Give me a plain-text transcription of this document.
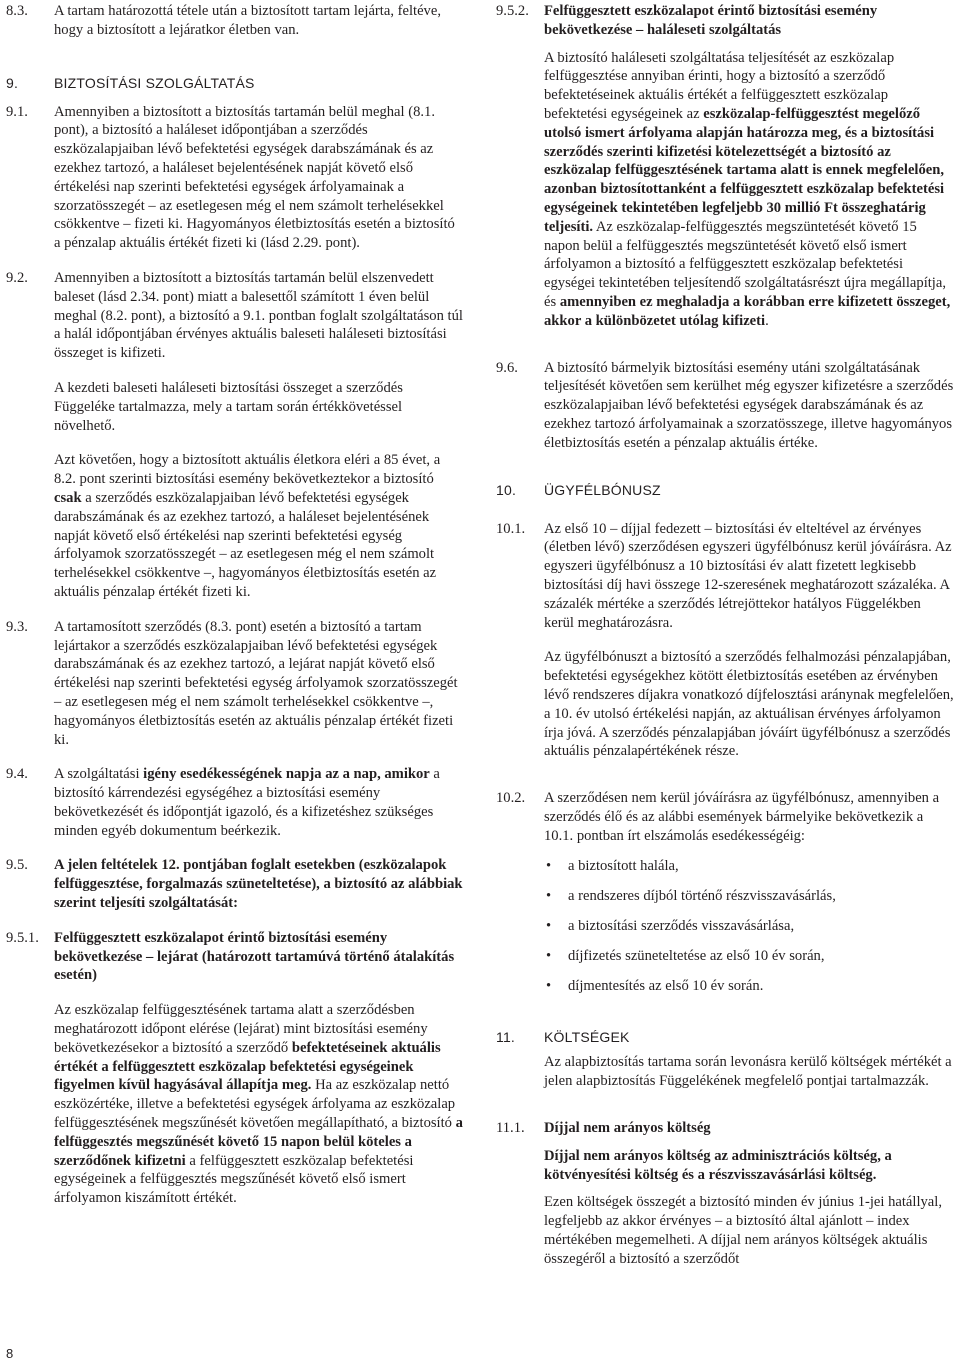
8.3. A tartam határozottá tétele után a biztosított tartam lejárta, feltéve, hogy a biztosított a lejáratkor életben van.

9.	BIZTOSÍTÁSI SZOLGÁLTATÁS
9.1. Amennyiben a biztosított a biztosítás tartamán belül meghal (8.1. pont), a biztosító a haláleset időpontjában a szerződés eszközalapjaiban lévő befektetési egységek darabszámának és az ezekhez tartozó, a haláleset bejelentésének napját követő első értékelési nap szerinti befektetési egységek árfolyamainak a szorzatösszegét – az esetlegesen még el nem számolt terhelésekkel csökkentve – fizeti ki. Hagyományos életbiztosítás esetén a biztosító a pénzalap aktuális értékét fizeti ki (lásd 2.29. pont).

9.2. Amennyiben a biztosított a biztosítás tartamán belül elszenvedett baleset (lásd 2.34. pont) miatt a balesettől számított 1 éven belül meghal (8.2. pont), a biztosító a 9.1. pontban foglalt szolgáltatáson túl a halál időpontjában érvényes aktuális baleseti haláleseti biztosítási összeget is kifizeti.

A kezdeti baleseti haláleseti biztosítási összeget a szerződés Függeléke tartalmazza, mely a tartam során értékkövetéssel növelhető.

Azt követően, hogy a biztosított aktuális életkora eléri a 85 évet, a 8.2. pont szerinti biztosítási esemény bekövetkeztekor a biztosító csak a szerződés eszközalapjaiban lévő befektetési egységek darabszámának és az ezekhez tartozó, a haláleset bejelentésének napját követő első értékelési nap szerinti befektetési egység árfolyamok szorzatösszegét – az esetlegesen még el nem számolt terhelésekkel csökkentve –, hagyományos életbiztosítás esetén az aktuális pénzalap értékét fizeti ki.

9.3. A tartamosított szerződés (8.3. pont) esetén a biztosító a tartam lejártakor a szerződés eszközalapjaiban lévő befektetési egységek darabszámának és az ezekhez tartozó, a lejárat napját követő első értékelési nap szerinti befektetési egység árfolyamok szorzatösszegét – az esetlegesen még el nem számolt terhelésekkel csökkentve –, hagyományos életbiztosítás esetén az aktuális pénzalap értékét fizeti ki.

9.4. A szolgáltatási igény esedékességének napja az a nap, amikor a biztosító kárrendezési egységéhez a biztosítási esemény bekövetkezését és időpontját igazoló, és a kifizetéshez szükséges minden egyéb dokumentum beérkezik.

9.5. A jelen feltételek 12. pontjában foglalt esetekben (eszközalapok felfüggesztése, forgalmazás szüneteltetése), a biztosító az alábbiak szerint teljesíti szolgáltatását:

9.5.1. Felfüggesztett eszközalapot érintő biztosítási esemény bekövetkezése – lejárat (határozott tartamúvá történő átalakítás esetén)

Az eszközalap felfüggesztésének tartama alatt a szerződésben meghatározott időpont elérése (lejárat) mint biztosítási esemény bekövetkezésekor a biztosító a szerződő befektetéseinek aktuális értékét a felfüggesztett eszközalap befektetési egységeinek figyelmen kívül hagyásával állapítja meg. Ha az eszközalap nettó eszközértéke, illetve a befektetési egységek árfolyama az eszközalap felfüggesztésének megszűnését követően megállapítható, a biztosító a felfüggesztés megszűnését követő 15 napon belül köteles a szerződőnek kifizetni a felfüggesztett eszközalap befektetési egységeinek a felfüggesztés megszűnését követő első ismert árfolyamon kiszámított értékét.

9.5.2. Felfüggesztett eszközalapot érintő biztosítási esemény bekövetkezése – haláleseti szolgáltatás

A biztosító haláleseti szolgáltatása teljesítését az eszközalap felfüggesztése annyiban érinti, hogy a biztosító a szerződő befektetéseinek aktuális értékét a felfüggesztett eszközalap befektetési egységeinek az eszközalap-felfüggesztést megelőző utolsó ismert árfolyama alapján határozza meg, és a biztosítási szerződés szerinti kifizetési kötelezettségét a biztosító az eszközalap felfüggesztésének tartama alatt is ennek megfelelően, azonban biztosítottanként a felfüggesztett eszközalap befektetési egységeinek tekintetében legfeljebb 30 millió Ft összeghatárig teljesíti. Az eszközalap-felfüggesztés megszüntetését követő 15 napon belül a felfüggesztés megszüntetését követő első ismert árfolyamon a biztosító a felfüggesztett eszközalap befektetési egységei tekintetében teljesítendő szolgáltatásrészt újra megállapítja, és amennyiben ez meghaladja a korábban erre kifizetett összeget, akkor a különbözetet utólag kifizeti.

9.6. A biztosító bármelyik biztosítási esemény utáni szolgáltatásának teljesítését követően sem kerülhet még egyszer kifizetésre a szerződés eszközalapjaiban lévő befektetési egységek darabszámának és az ezekhez tartozó árfolyamainak a szorzatösszege, illetve hagyományos életbiztosítás esetén a pénzalap aktuális értéke.

10. ÜGYFÉLBÓNUSZ
10.1. Az első 10 – díjjal fedezett – biztosítási év elteltével az érvényes (életben lévő) szerződésen egyszeri ügyfélbónusz kerül jóváírásra. Az egyszeri ügyfélbónusz a 10 biztosítási év alatt fizetett legkisebb biztosítási díj havi összege 12-szeresének meghatározott százaléka. A százalék mértéke a szerződés létrejöttekor hatályos Függelékben kerül meghatározásra.

Az ügyfélbónuszt a biztosító a szerződés felhalmozási pénzalapjában, befektetési egységekhez kötött életbiztosítás esetében az érvényben lévő rendszeres díjakra vonatkozó díjfelosztási aránynak megfelelően, a 10. év utolsó értékelési napján, az aktuálisan érvényes árfolyamon írja jóvá. A szerződés pénzalapjában jóváírt ügyfélbónusz a szerződés aktuális pénzalapértékének része.

10.2. A szerződésen nem kerül jóváírásra az ügyfélbónusz, amennyiben a szerződés élő és az alábbi események bármelyike bekövetkezik a 10.1. pontban írt elszámolás esedékességéig:

• a biztosított halála,
• a rendszeres díjból történő részvisszavásárlás,
• a biztosítási szerződés visszavásárlása,
• díjfizetés szüneteltetése az első 10 év során,
• díjmentesítés az első 10 év során.
11. KÖLTSÉGEK

Az alapbiztosítás tartama során levonásra kerülő költségek mértékét a jelen alapbiztosítás Függelékének megfelelő pontjai tartalmazzák.

11.1. Díjjal nem arányos költség

Díjjal nem arányos költség az adminisztrációs költség, a kötvényesítési költség és a részvisszavásárlási költség.

Ezen költségek összegét a biztosító minden év június 1-jei hatállyal, legfeljebb az akkor érvényes – a biztosító által ajánlott – index mértékében megemelheti. A díjjal nem arányos költségek aktuális összegéről a biztosító a szerződőt

8
